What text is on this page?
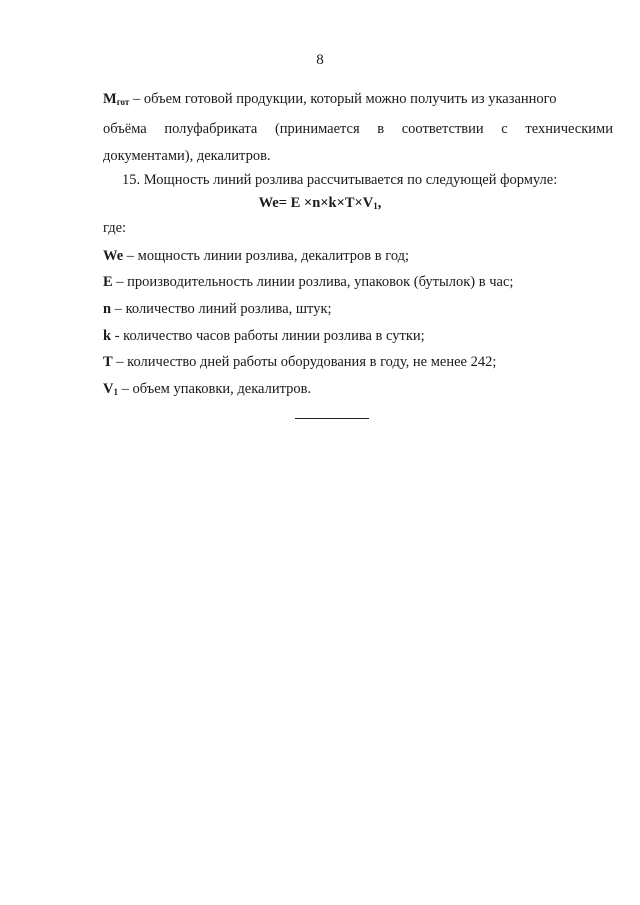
8

$M_{гот}$ – объем готовой продукции, который можно получить из указанного

объёма полуфабриката (принимается в соответствии с техническими

документами), декалитров.

15. Мощность линий розлива рассчитывается по следующей формуле:

$We= E \times n\times k\times T\times V_1$,
где:
We – мощность линии розлива, декалитров в год;
E – производительность линии розлива, упаковок (бутылок) в час;
n – количество линий розлива, штук;
k - количество часов работы линии розлива в сутки;
T – количество дней работы оборудования в году, не менее 242;
$V_1$ – объем упаковки, декалитров.
